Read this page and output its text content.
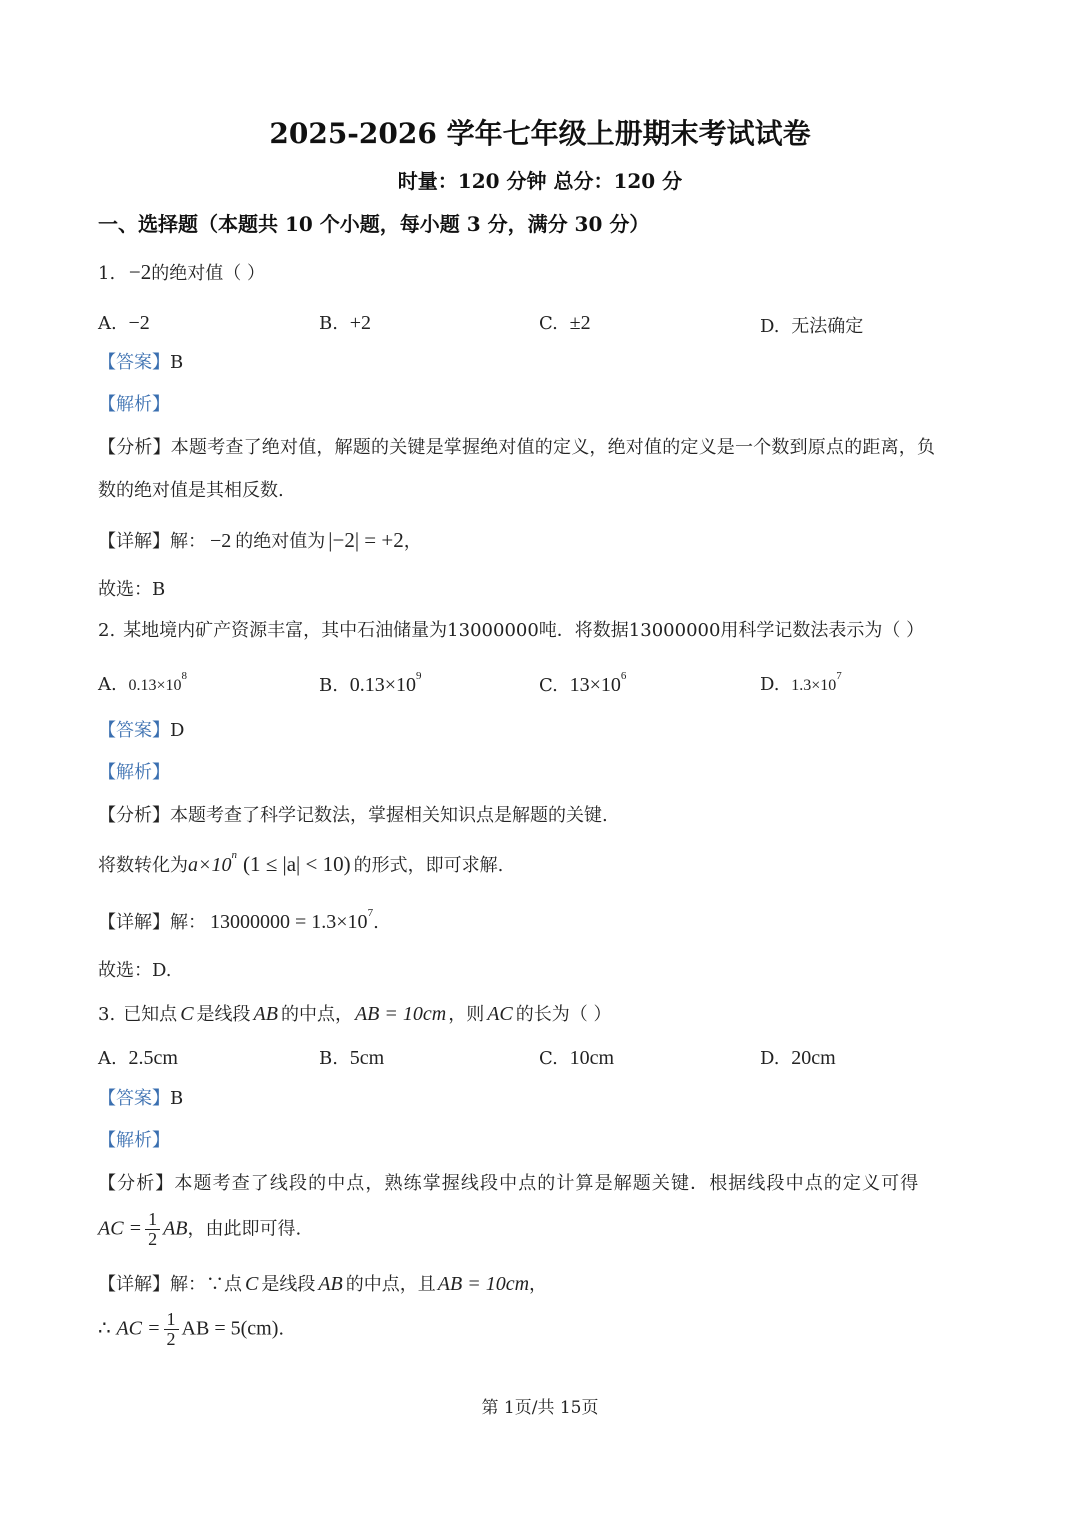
2025-2026 学年七年级上册期末考试试卷
时量：120 分钟 总分：120 分
一、选择题（本题共 10 个小题，每小题 3 分，满分 30 分）
1. −2的绝对值（ ）
A. −2	B. +2	C. ±2	D. 无法确定
【答案】B
【解析】
【分析】本题考查了绝对值，解题的关键是掌握绝对值的定义，绝对值的定义是一个数到原点的距离，负
数的绝对值是其相反数.
【详解】解： −2 的绝对值为 |−2| = +2，
故选：B
2. 某地境内矿产资源丰富，其中石油储量为13000000吨．将数据13000000用科学记数法表示为（ ）
A. $0.13\times 10^8$	B. $0.13\times 10^9$	C. $13\times 10^6$	D. $1.3\times 10^7$
【答案】D
【解析】
【分析】本题考查了科学记数法，掌握相关知识点是解题的关键.
将数转化为$a\times 10^n$ (1 ≤ |a| < 10) 的形式，即可求解.
【详解】解： $13000000 = 1.3\times 10^7$.
故选：D.
3. 已知点 C 是线段 AB 的中点， AB = 10cm ，则 AC 的长为（ ）
A. 2.5cm	B. 5cm	C. 10cm	D. 20cm
【答案】B
【解析】
【分析】本题考查了线段的中点，熟练掌握线段中点的计算是解题关键．根据线段中点的定义可得
AC = $\frac{1}{2}$ AB，由此即可得.
【详解】解：∵点 C 是线段 AB 的中点，且 AB = 10cm，
∴ AC = $\frac{1}{2}$ AB = 5(cm).
第 1页/共 15页
